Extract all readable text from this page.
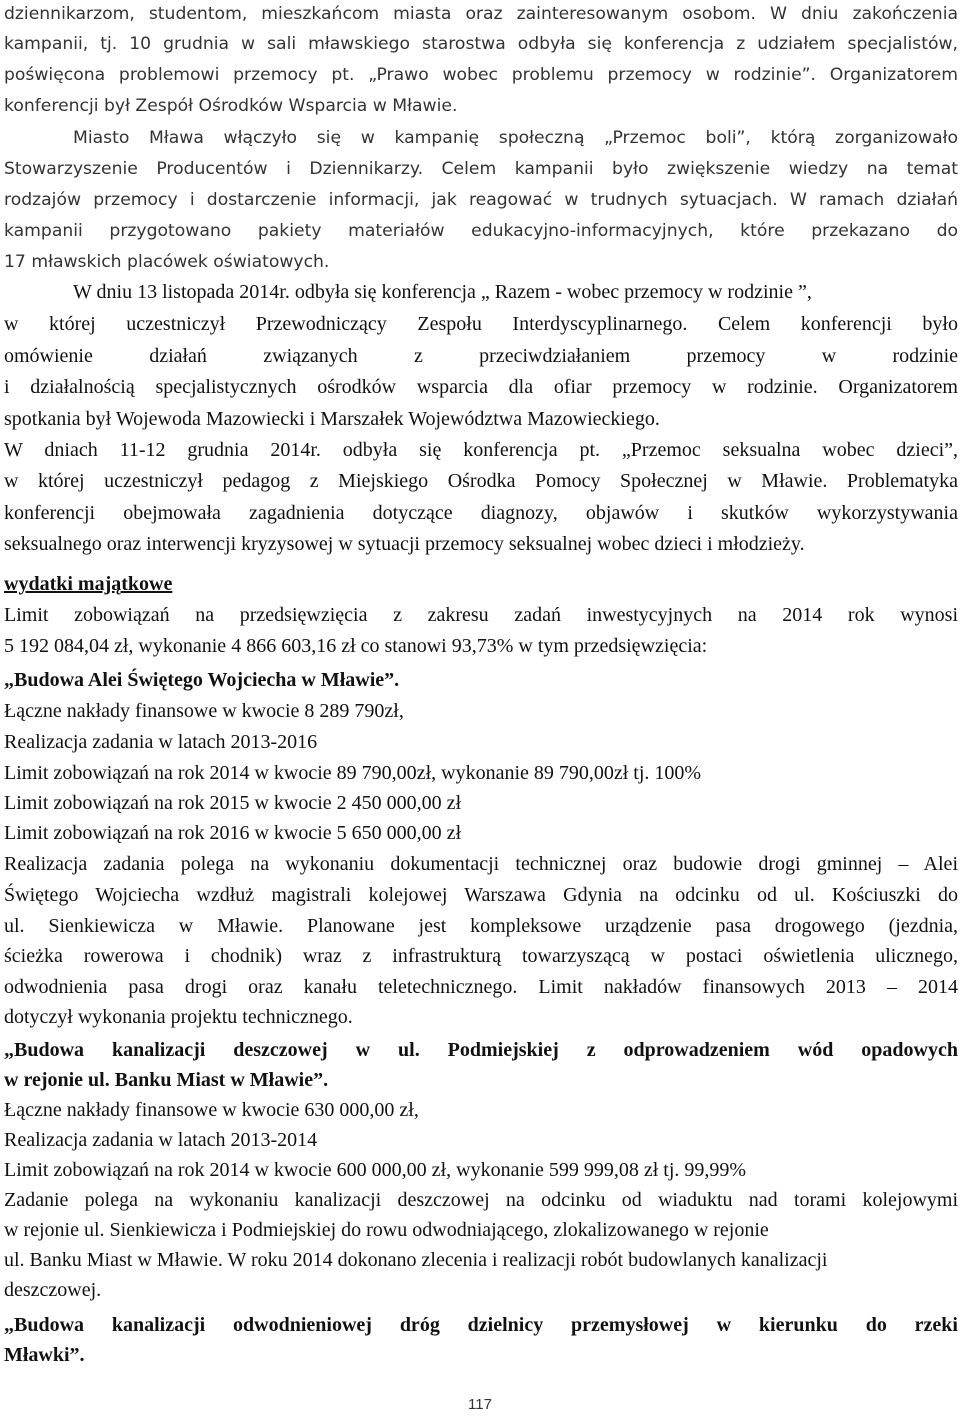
dziennikarzom, studentom, mieszkańcom miasta oraz zainteresowanym osobom. W dniu zakończenia
kampanii, tj. 10 grudnia w sali mławskiego starostwa odbyła się konferencja z udziałem specjalistów,
poświęcona problemowi przemocy pt. „Prawo wobec problemu przemocy w rodzinie”. Organizatorem
konferencji był Zespół Ośrodków Wsparcia w Mławie.
Miasto Mława włączyło się w kampanię społeczną „Przemoc boli”, którą zorganizowało
Stowarzyszenie Producentów i Dziennikarzy. Celem kampanii było zwiększenie wiedzy na temat
rodzajów przemocy i dostarczenie informacji, jak reagować w trudnych sytuacjach. W ramach działań
kampanii przygotowano pakiety materiałów edukacyjno-informacyjnych, które przekazano do
17 mławskich placówek oświatowych.
W dniu 13 listopada 2014r. odbyła się konferencja „ Razem - wobec przemocy w rodzinie ”,
w której uczestniczył Przewodniczący Zespołu Interdyscyplinarnego. Celem konferencji było
omówienie działań związanych z przeciwdziałaniem przemocy w rodzinie
i działalnością specjalistycznych ośrodków wsparcia dla ofiar przemocy w rodzinie. Organizatorem
spotkania był Wojewoda Mazowiecki i Marszałek Województwa Mazowieckiego.
W dniach 11-12 grudnia 2014r. odbyła się konferencja pt. „Przemoc seksualna wobec dzieci”,
w której uczestniczył pedagog z Miejskiego Ośrodka Pomocy Społecznej w Mławie. Problematyka
konferencji obejmowała zagadnienia dotyczące diagnozy, objawów i skutków wykorzystywania
seksualnego oraz interwencji kryzysowej w sytuacji przemocy seksualnej wobec dzieci i młodzieży.
wydatki majątkowe
Limit zobowiązań na przedsięwzięcia z zakresu zadań inwestycyjnych na 2014 rok wynosi
5 192 084,04 zł, wykonanie 4 866 603,16 zł co stanowi 93,73% w tym przedsięwzięcia:
„Budowa Alei Świętego Wojciecha w Mławie”.
Łączne nakłady finansowe w kwocie 8 289 790zł,
Realizacja zadania w latach 2013-2016
Limit zobowiązań na rok 2014 w kwocie 89 790,00zł, wykonanie 89 790,00zł tj. 100%
Limit zobowiązań na rok 2015 w kwocie 2 450 000,00 zł
Limit zobowiązań na rok 2016 w kwocie 5 650 000,00 zł
Realizacja zadania polega na wykonaniu dokumentacji technicznej oraz budowie drogi gminnej – Alei
Świętego Wojciecha wzdłuż magistrali kolejowej Warszawa Gdynia na odcinku od ul. Kościuszki do
ul. Sienkiewicza w Mławie. Planowane jest kompleksowe urządzenie pasa drogowego (jezdnia,
ścieżka rowerowa i chodnik) wraz z infrastrukturą towarzyszącą w postaci oświetlenia ulicznego,
odwodnienia pasa drogi oraz kanału teletechnicznego. Limit nakładów finansowych 2013 – 2014
dotyczył wykonania projektu technicznego.
„Budowa kanalizacji deszczowej w ul. Podmiejskiej z odprowadzeniem wód opadowych
w rejonie ul. Banku Miast w Mławie”.
Łączne nakłady finansowe w kwocie 630 000,00 zł,
Realizacja zadania w latach 2013-2014
Limit zobowiązań na rok 2014 w kwocie 600 000,00 zł, wykonanie 599 999,08 zł tj. 99,99%
Zadanie polega na wykonaniu kanalizacji deszczowej na odcinku od wiaduktu nad torami kolejowymi
w rejonie ul. Sienkiewicza i Podmiejskiej do rowu odwodniającego, zlokalizowanego w rejonie
ul. Banku Miast w Mławie. W roku 2014 dokonano zlecenia i realizacji robót budowlanych kanalizacji
deszczowej.
„Budowa kanalizacji odwodnieniowej dróg dzielnicy przemysłowej w kierunku do rzeki
Mławki”.
117
